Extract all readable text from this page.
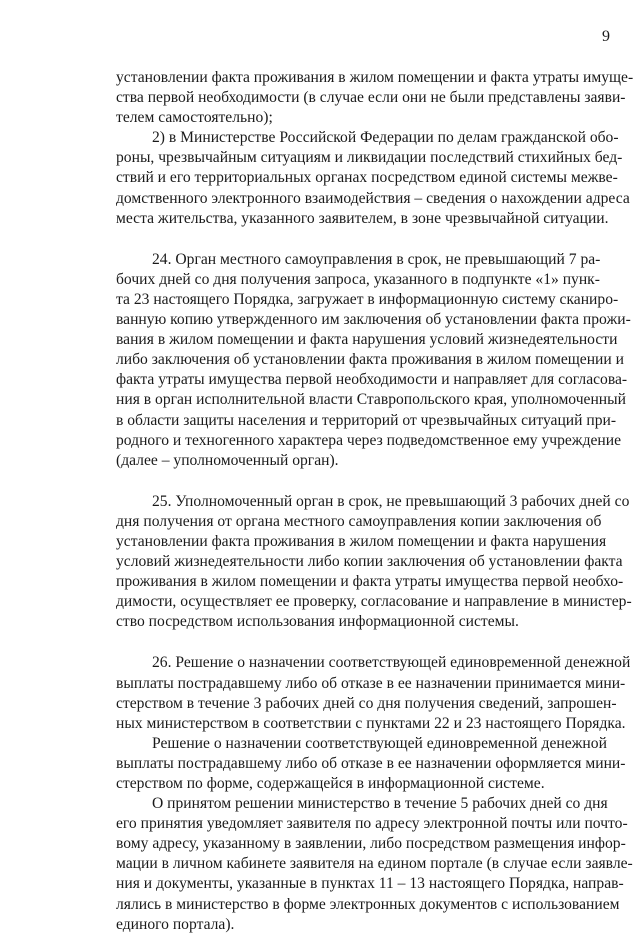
9

установлении факта проживания в жилом помещении и факта утраты имуще-
ства первой необходимости (в случае если они не были представлены заяви-
телем самостоятельно);

2) в Министерстве Российской Федерации по делам гражданской обо-
роны, чрезвычайным ситуациям и ликвидации последствий стихийных бед-
ствий и его территориальных органах посредством единой системы межве-
домственного электронного взаимодействия – сведения о нахождении адреса
места жительства, указанного заявителем, в зоне чрезвычайной ситуации.

24. Орган местного самоуправления в срок, не превышающий 7 ра-
бочих дней со дня получения запроса, указанного в подпункте «1» пунк-
та 23 настоящего Порядка, загружает в информационную систему сканиро-
ванную копию утвержденного им заключения об установлении факта прожи-
вания в жилом помещении и факта нарушения условий жизнедеятельности
либо заключения об установлении факта проживания в жилом помещении и
факта утраты имущества первой необходимости и направляет для согласова-
ния в орган исполнительной власти Ставропольского края, уполномоченный
в области защиты населения и территорий от чрезвычайных ситуаций при-
родного и техногенного характера через подведомственное ему учреждение
(далее – уполномоченный орган).

25. Уполномоченный орган в срок, не превышающий 3 рабочих дней со
дня получения от органа местного самоуправления копии заключения об
установлении факта проживания в жилом помещении и факта нарушения
условий жизнедеятельности либо копии заключения об установлении факта
проживания в жилом помещении и факта утраты имущества первой необхо-
димости, осуществляет ее проверку, согласование и направление в министер-
ство посредством использования информационной системы.

26. Решение о назначении соответствующей единовременной денежной
выплаты пострадавшему либо об отказе в ее назначении принимается мини-
стерством в течение 3 рабочих дней со дня получения сведений, запрошен-
ных министерством в соответствии с пунктами 22 и 23 настоящего Порядка.

Решение о назначении соответствующей единовременной денежной
выплаты пострадавшему либо об отказе в ее назначении оформляется мини-
стерством по форме, содержащейся в информационной системе.

О принятом решении министерство в течение 5 рабочих дней со дня
его принятия уведомляет заявителя по адресу электронной почты или почто-
вому адресу, указанному в заявлении, либо посредством размещения инфор-
мации в личном кабинете заявителя на едином портале (в случае если заявле-
ния и документы, указанные в пунктах 11 – 13 настоящего Порядка, направ-
лялись в министерство в форме электронных документов с использованием
единого портала).
